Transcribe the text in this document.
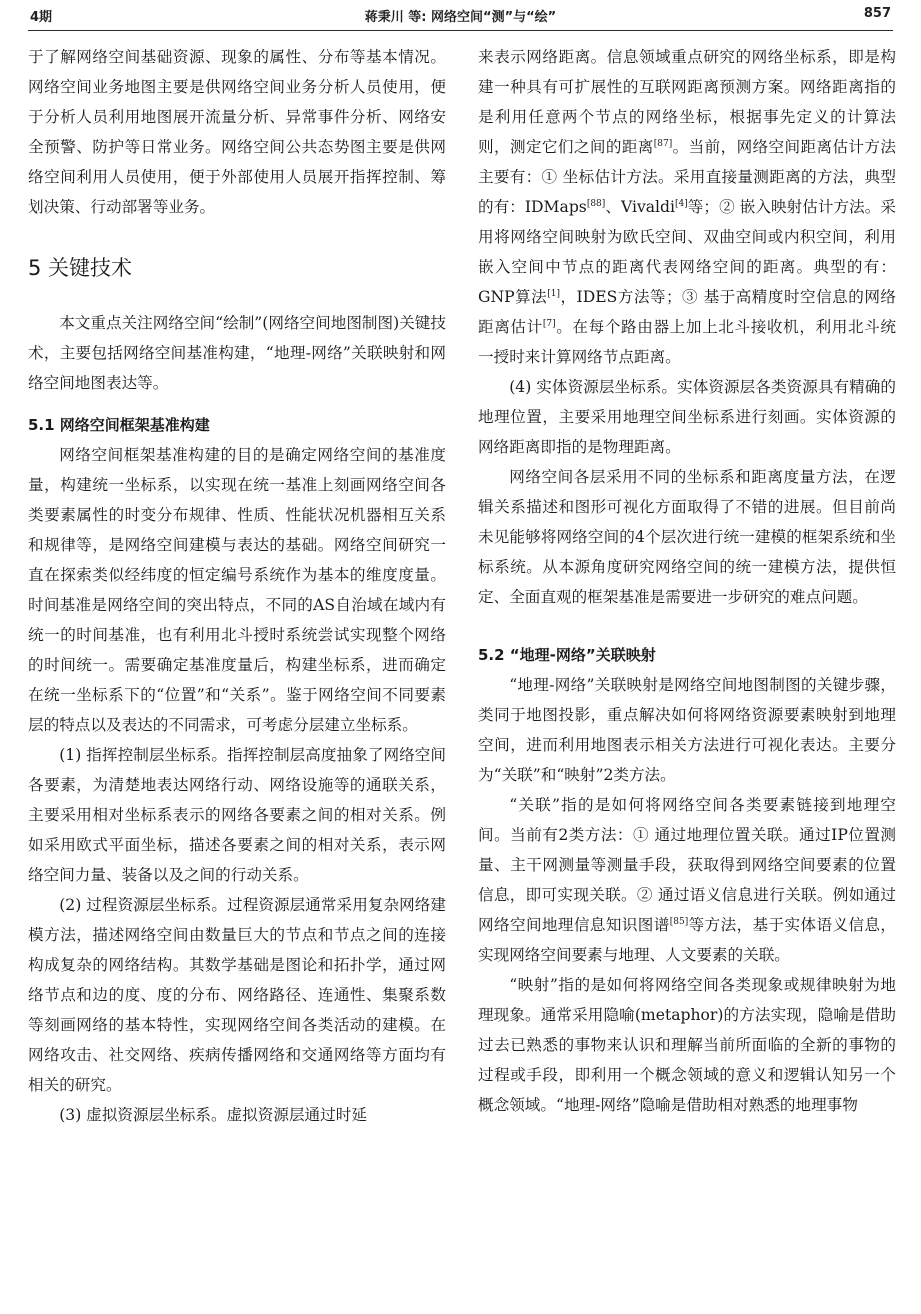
4期	蒋秉川 等: 网络空间“测”与“绘”	857

于了解网络空间基础资源、现象的属性、分布等基本情况。网络空间业务地图主要是供网络空间业务分析人员使用，便于分析人员利用地图展开流量分析、异常事件分析、网络安全预警、防护等日常业务。网络空间公共态势图主要是供网络空间利用人员使用，便于外部使用人员展开指挥控制、筹划决策、行动部署等业务。

5 关键技术

本文重点关注网络空间“绘制”(网络空间地图制图)关键技术，主要包括网络空间基准构建，“地理-网络”关联映射和网络空间地图表达等。

5.1 网络空间框架基准构建

网络空间框架基准构建的目的是确定网络空间的基准度量，构建统一坐标系，以实现在统一基准上刻画网络空间各类要素属性的时变分布规律、性质、性能状况机器相互关系和规律等，是网络空间建模与表达的基础。网络空间研究一直在探索类似经纬度的恒定编号系统作为基本的维度度量。时间基准是网络空间的突出特点，不同的AS自治域在域内有统一的时间基准，也有利用北斗授时系统尝试实现整个网络的时间统一。需要确定基准度量后，构建坐标系，进而确定在统一坐标系下的“位置”和“关系”。鉴于网络空间不同要素层的特点以及表达的不同需求，可考虑分层建立坐标系。

(1) 指挥控制层坐标系。指挥控制层高度抽象了网络空间各要素，为清楚地表达网络行动、网络设施等的通联关系，主要采用相对坐标系表示的网络各要素之间的相对关系。例如采用欧式平面坐标，描述各要素之间的相对关系，表示网络空间力量、装备以及之间的行动关系。

(2) 过程资源层坐标系。过程资源层通常采用复杂网络建模方法，描述网络空间由数量巨大的节点和节点之间的连接构成复杂的网络结构。其数学基础是图论和拓扑学，通过网络节点和边的度、度的分布、网络路径、连通性、集聚系数等刻画网络的基本特性，实现网络空间各类活动的建模。在网络攻击、社交网络、疾病传播网络和交通网络等方面均有相关的研究。

(3) 虚拟资源层坐标系。虚拟资源层通过时延

来表示网络距离。信息领域重点研究的网络坐标系，即是构建一种具有可扩展性的互联网距离预测方案。网络距离指的是利用任意两个节点的网络坐标，根据事先定义的计算法则，测定它们之间的距离[87]。当前，网络空间距离估计方法主要有：① 坐标估计方法。采用直接量测距离的方法，典型的有：IDMaps[88]、Vivaldi[4]等；② 嵌入映射估计方法。采用将网络空间映射为欧氏空间、双曲空间或内积空间，利用嵌入空间中节点的距离代表网络空间的距离。典型的有：GNP算法[1]，IDES方法等；③ 基于高精度时空信息的网络距离估计[7]。在每个路由器上加上北斗接收机，利用北斗统一授时来计算网络节点距离。

(4) 实体资源层坐标系。实体资源层各类资源具有精确的地理位置，主要采用地理空间坐标系进行刻画。实体资源的网络距离即指的是物理距离。

网络空间各层采用不同的坐标系和距离度量方法，在逻辑关系描述和图形可视化方面取得了不错的进展。但目前尚未见能够将网络空间的4个层次进行统一建模的框架系统和坐标系统。从本源角度研究网络空间的统一建模方法，提供恒定、全面直观的框架基准是需要进一步研究的难点问题。

5.2 “地理-网络”关联映射

“地理-网络”关联映射是网络空间地图制图的关键步骤，类同于地图投影，重点解决如何将网络资源要素映射到地理空间，进而利用地图表示相关方法进行可视化表达。主要分为“关联”和“映射”2类方法。

“关联”指的是如何将网络空间各类要素链接到地理空间。当前有2类方法：① 通过地理位置关联。通过IP位置测量、主干网测量等测量手段，获取得到网络空间要素的位置信息，即可实现关联。② 通过语义信息进行关联。例如通过网络空间地理信息知识图谱[85]等方法，基于实体语义信息，实现网络空间要素与地理、人文要素的关联。

“映射”指的是如何将网络空间各类现象或规律映射为地理现象。通常采用隐喻(metaphor)的方法实现，隐喻是借助过去已熟悉的事物来认识和理解当前所面临的全新的事物的过程或手段，即利用一个概念领域的意义和逻辑认知另一个概念领域。“地理-网络”隐喻是借助相对熟悉的地理事物
